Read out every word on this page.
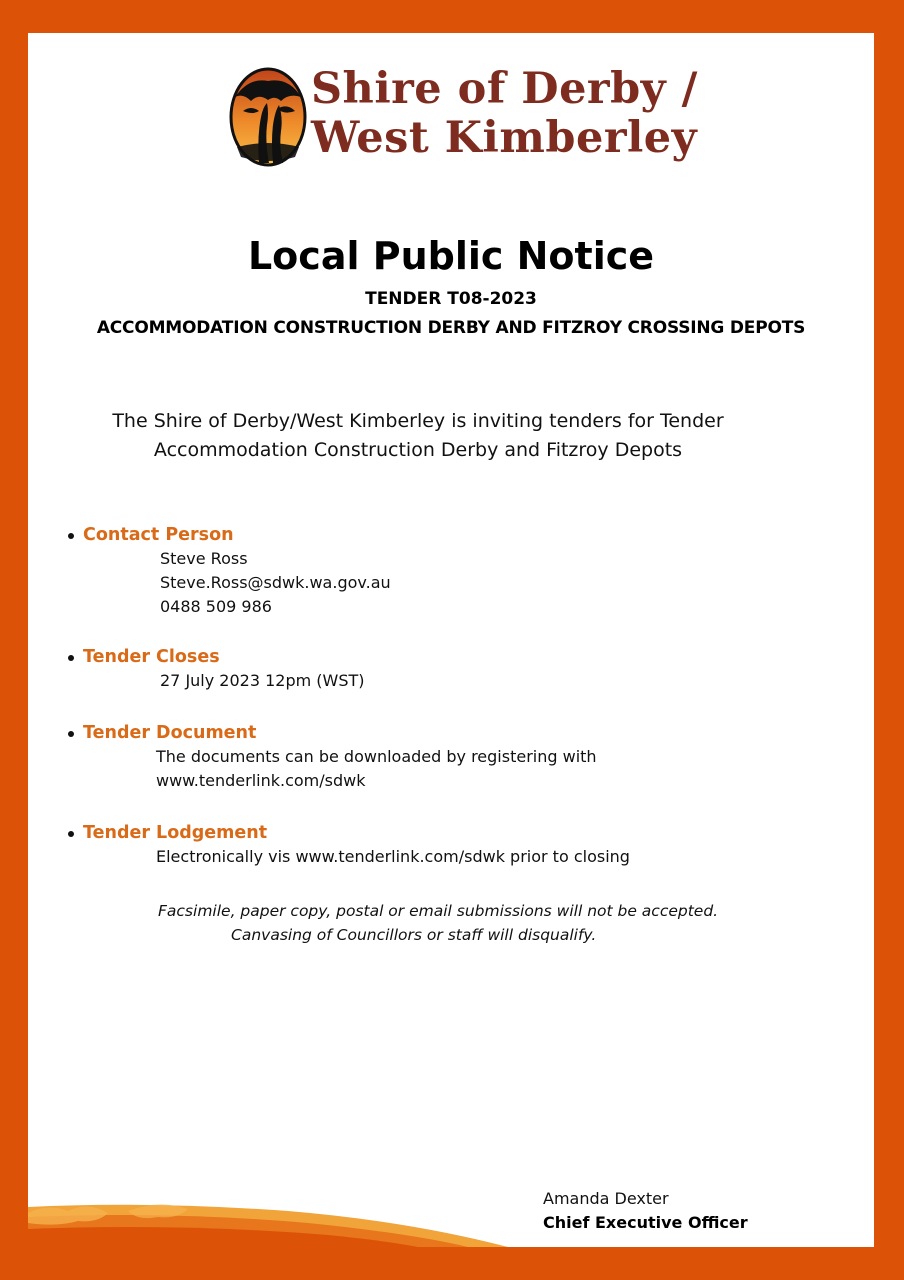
Shire of Derby /
West Kimberley
Local Public Notice
TENDER T08-2023
ACCOMMODATION CONSTRUCTION DERBY AND FITZROY CROSSING DEPOTS
The Shire of Derby/West Kimberley is inviting tenders for Tender
Accommodation Construction Derby and Fitzroy Depots
Contact Person
Steve Ross
Steve.Ross@sdwk.wa.gov.au
0488 509 986
Tender Closes
27 July 2023 12pm (WST)
Tender Document
The documents can be downloaded by registering with
www.tenderlink.com/sdwk
Tender Lodgement
Electronically vis www.tenderlink.com/sdwk prior to closing
Facsimile, paper copy, postal or email submissions will not be accepted.
Canvasing of Councillors or staff will disqualify.
Amanda Dexter
Chief Executive Officer
